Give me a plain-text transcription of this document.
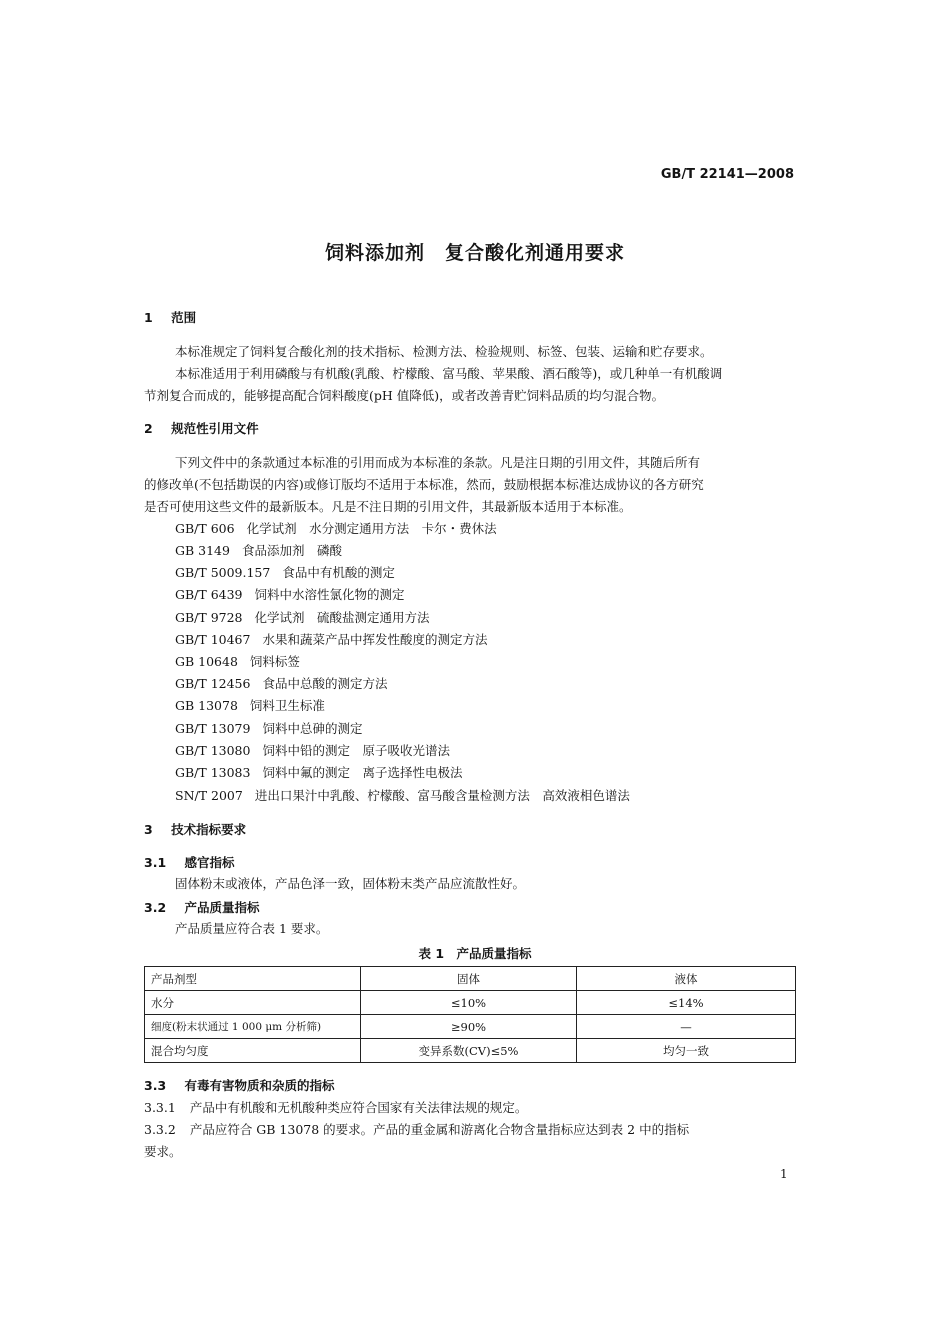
GB/T 22141—2008
饲料添加剂　复合酸化剂通用要求
1 范围
本标准规定了饲料复合酸化剂的技术指标、检测方法、检验规则、标签、包装、运输和贮存要求。
本标准适用于利用磷酸与有机酸(乳酸、柠檬酸、富马酸、苹果酸、酒石酸等)，或几种单一有机酸调
节剂复合而成的，能够提高配合饲料酸度(pH 值降低)，或者改善青贮饲料品质的均匀混合物。
2 规范性引用文件
下列文件中的条款通过本标准的引用而成为本标准的条款。凡是注日期的引用文件，其随后所有
的修改单(不包括勘误的内容)或修订版均不适用于本标准，然而，鼓励根据本标准达成协议的各方研究
是否可使用这些文件的最新版本。凡是不注日期的引用文件，其最新版本适用于本标准。
GB/T 606 化学试剂　水分测定通用方法　卡尔・费休法
GB 3149 食品添加剂　磷酸
GB/T 5009.157 食品中有机酸的测定
GB/T 6439 饲料中水溶性氯化物的测定
GB/T 9728 化学试剂　硫酸盐测定通用方法
GB/T 10467 水果和蔬菜产品中挥发性酸度的测定方法
GB 10648 饲料标签
GB/T 12456 食品中总酸的测定方法
GB 13078 饲料卫生标准
GB/T 13079 饲料中总砷的测定
GB/T 13080 饲料中铅的测定　原子吸收光谱法
GB/T 13083 饲料中氟的测定　离子选择性电极法
SN/T 2007 进出口果汁中乳酸、柠檬酸、富马酸含量检测方法　高效液相色谱法
3 技术指标要求
3.1 感官指标
固体粉末或液体，产品色泽一致，固体粉末类产品应流散性好。
3.2 产品质量指标
产品质量应符合表 1 要求。
表 1　产品质量指标
产品剂型	固体	液体
水分	≤10%	≤14%
细度(粉末状通过 1 000 μm 分析筛)	≥90%	—
混合均匀度	变异系数(CV)≤5%	均匀一致
3.3 有毒有害物质和杂质的指标
3.3.1 产品中有机酸和无机酸种类应符合国家有关法律法规的规定。
3.3.2 产品应符合 GB 13078 的要求。产品的重金属和游离化合物含量指标应达到表 2 中的指标
要求。
1
